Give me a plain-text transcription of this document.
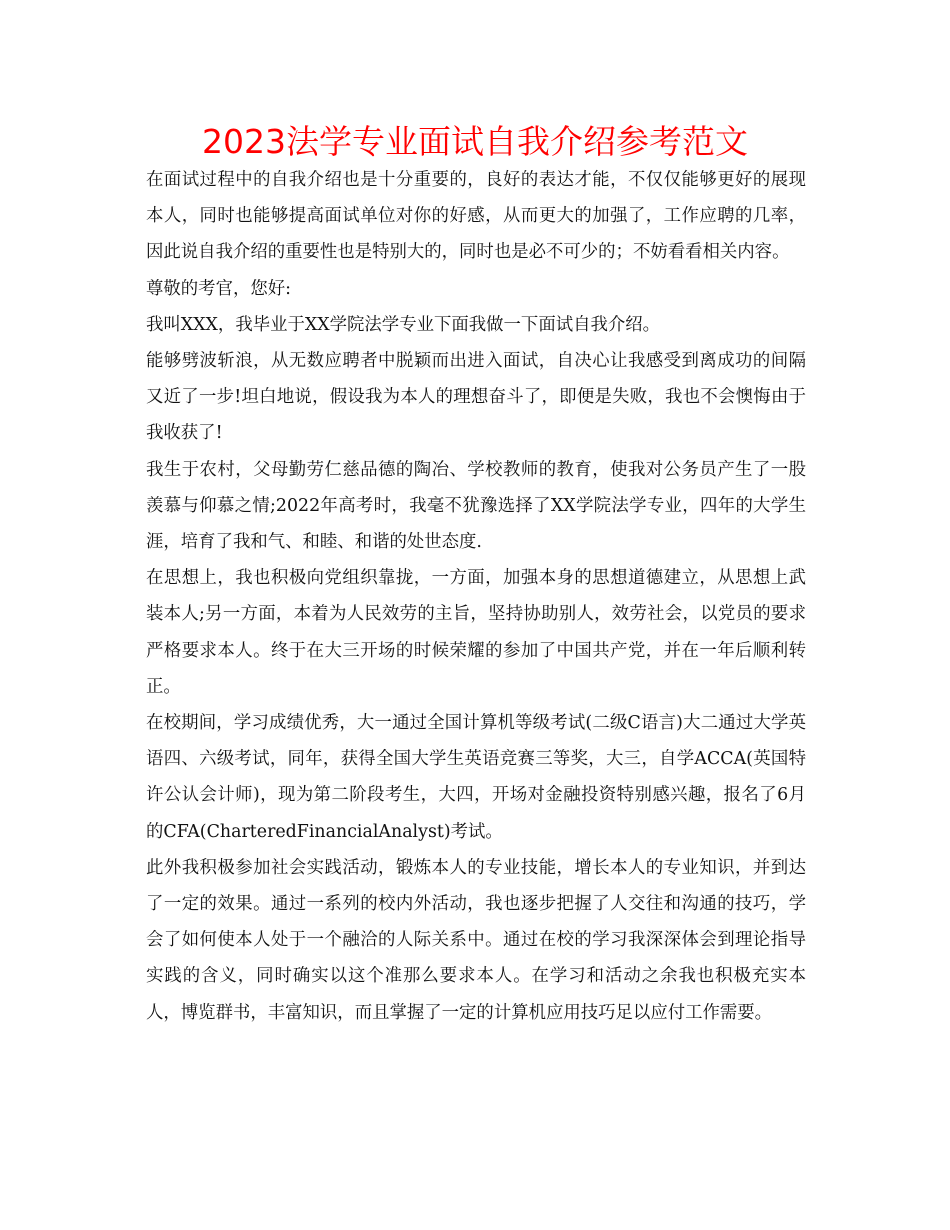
2023法学专业面试自我介绍参考范文

在面试过程中的自我介绍也是十分重要的，良好的表达才能，不仅仅能够更好的展现本人，同时也能够提高面试单位对你的好感，从而更大的加强了，工作应聘的几率，因此说自我介绍的重要性也是特别大的，同时也是必不可少的；不妨看看相关内容。

尊敬的考官，您好:

我叫XXX，我毕业于XX学院法学专业下面我做一下面试自我介绍。

能够劈波斩浪，从无数应聘者中脱颖而出进入面试，自决心让我感受到离成功的间隔又近了一步!坦白地说，假设我为本人的理想奋斗了，即便是失败，我也不会懊悔由于我收获了!

我生于农村，父母勤劳仁慈品德的陶冶、学校教师的教育，使我对公务员产生了一股羡慕与仰慕之情;2022年高考时，我毫不犹豫选择了XX学院法学专业，四年的大学生涯，培育了我和气、和睦、和谐的处世态度.

在思想上，我也积极向党组织靠拢，一方面，加强本身的思想道德建立，从思想上武装本人;另一方面，本着为人民效劳的主旨，坚持协助别人，效劳社会，以党员的要求严格要求本人。终于在大三开场的时候荣耀的参加了中国共产党，并在一年后顺利转正。

在校期间，学习成绩优秀，大一通过全国计算机等级考试(二级C语言)大二通过大学英语四、六级考试，同年，获得全国大学生英语竞赛三等奖，大三，自学ACCA(英国特许公认会计师)，现为第二阶段考生，大四，开场对金融投资特别感兴趣，报名了6月的CFA(CharteredFinancialAnalyst)考试。

此外我积极参加社会实践活动，锻炼本人的专业技能，增长本人的专业知识，并到达了一定的效果。通过一系列的校内外活动，我也逐步把握了人交往和沟通的技巧，学会了如何使本人处于一个融洽的人际关系中。通过在校的学习我深深体会到理论指导实践的含义，同时确实以这个准那么要求本人。在学习和活动之余我也积极充实本人，博览群书，丰富知识，而且掌握了一定的计算机应用技巧足以应付工作需要。
